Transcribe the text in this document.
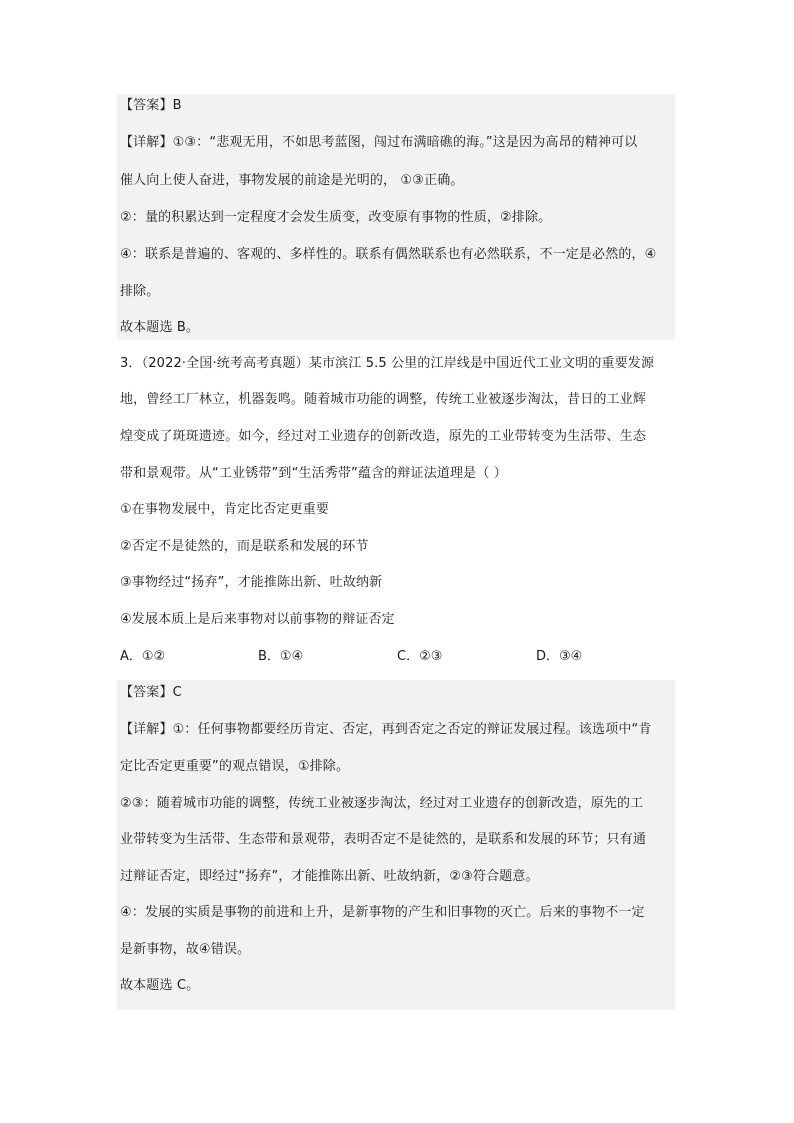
【答案】B
【详解】①③：“悲观无用，不如思考蓝图，闯过布满暗礁的海。”这是因为高昂的精神可以
催人向上使人奋进，事物发展的前途是光明的， ①③正确。
②：量的积累达到一定程度才会发生质变，改变原有事物的性质，②排除。
④：联系是普遍的、客观的、多样性的。联系有偶然联系也有必然联系，不一定是必然的，④
排除。
故本题选 B。
3．（2022·全国·统考高考真题）某市滨江 5.5 公里的江岸线是中国近代工业文明的重要发源
地，曾经工厂林立，机器轰鸣。随着城市功能的调整，传统工业被逐步淘汰，昔日的工业辉
煌变成了斑斑遗迹。如今，经过对工业遗存的创新改造，原先的工业带转变为生活带、生态
带和景观带。从“工业锈带”到“生活秀带”蕴含的辩证法道理是（ ）
①在事物发展中，肯定比否定更重要
②否定不是徒然的，而是联系和发展的环节
③事物经过“扬弃”，才能推陈出新、吐故纳新
④发展本质上是后来事物对以前事物的辩证否定
A．①②	B．①④	C．②③	D．③④
【答案】C
【详解】①：任何事物都要经历肯定、否定，再到否定之否定的辩证发展过程。该选项中“肯
定比否定更重要”的观点错误，①排除。
②③：随着城市功能的调整，传统工业被逐步淘汰，经过对工业遗存的创新改造，原先的工
业带转变为生活带、生态带和景观带，表明否定不是徒然的，是联系和发展的环节；只有通
过辩证否定，即经过“扬弃”，才能推陈出新、吐故纳新，②③符合题意。
④：发展的实质是事物的前进和上升，是新事物的产生和旧事物的灭亡。后来的事物不一定
是新事物，故④错误。
故本题选 C。
